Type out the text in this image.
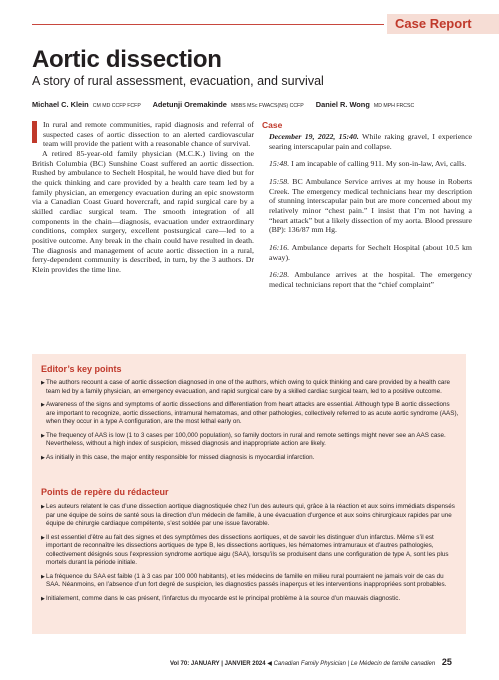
Case Report
Aortic dissection
A story of rural assessment, evacuation, and survival
Michael C. Klein CM MD CCFP FCFP Adetunji Oremakinde MBBS MSc FWACS(NS) CCFP Daniel R. Wong MD MPH FRCSC

In rural and remote communities, rapid diagnosis and referral of suspected cases of aortic dissection to an alerted cardiovascular team will provide the patient with a reasonable chance of survival.

A retired 85-year-old family physician (M.C.K.) living on the British Columbia (BC) Sunshine Coast suffered an aortic dissection. Rushed by ambulance to Sechelt Hospital, he would have died but for the quick thinking and care provided by a health care team led by a family physician, an emergency evacuation during an epic snowstorm via a Canadian Coast Guard hovercraft, and rapid surgical care by a skilled cardiac surgical team. The smooth integration of all components in the chain—diagnosis, evacuation under extraordinary conditions, complex surgery, excellent postsurgical care—led to a positive outcome. Any break in the chain could have resulted in death. The diagnosis and management of acute aortic dissection in a rural, ferry-dependent community is described, in turn, by the 3 authors. Dr Klein provides the time line.

Case
December 19, 2022, 15:40. While raking gravel, I experience searing interscapular pain and collapse.
15:48. I am incapable of calling 911. My son-in-law, Avi, calls.
15:58. BC Ambulance Service arrives at my house in Roberts Creek. The emergency medical technicians hear my description of stunning interscapular pain but are more concerned about my relatively minor “chest pain.” I insist that I’m not having a “heart attack” but a likely dissection of my aorta. Blood pressure (BP): 136/87 mm Hg.
16:16. Ambulance departs for Sechelt Hospital (about 10.5 km away).
16:28. Ambulance arrives at the hospital. The emergency medical technicians report that the “chief complaint”
Editor’s key points
▶ The authors recount a case of aortic dissection diagnosed in one of the authors, which owing to quick thinking and care provided by a health care team led by a family physician, an emergency evacuation, and rapid surgical care by a skilled cardiac surgical team, led to a positive outcome.
▶ Awareness of the signs and symptoms of aortic dissections and differentiation from heart attacks are essential. Although type B aortic dissections are important to recognize, aortic dissections, intramural hematomas, and other pathologies, collectively referred to as acute aortic syndrome (AAS), when they occur in a type A configuration, are the most lethal early on.
▶ The frequency of AAS is low (1 to 3 cases per 100,000 population), so family doctors in rural and remote settings might never see an AAS case. Nevertheless, without a high index of suspicion, missed diagnosis and inappropriate action are likely.
▶ As initially in this case, the major entity responsible for missed diagnosis is myocardial infarction.
Points de repère du rédacteur
▶ Les auteurs relatent le cas d’une dissection aortique diagnostiquée chez l’un des auteurs qui, grâce à la réaction et aux soins immédiats dispensés par une équipe de soins de santé sous la direction d’un médecin de famille, à une évacuation d’urgence et aux soins chirurgicaux rapides par une équipe de chirurgie cardiaque compétente, s’est soldée par une issue favorable.
▶ Il est essentiel d’être au fait des signes et des symptômes des dissections aortiques, et de savoir les distinguer d’un infarctus. Même s’il est important de reconnaître les dissections aortiques de type B, les dissections aortiques, les hématomes intramuraux et d’autres pathologies, collectivement désignés sous l’expression syndrome aortique aigu (SAA), lorsqu’ils se produisent dans une configuration de type A, sont les plus mortels durant la période initiale.
▶ La fréquence du SAA est faible (1 à 3 cas par 100 000 habitants), et les médecins de famille en milieu rural pourraient ne jamais voir de cas du SAA. Néanmoins, en l’absence d’un fort degré de suspicion, les diagnostics passés inaperçus et les interventions inappropriées sont probables.
▶ Initialement, comme dans le cas présent, l’infarctus du myocarde est le principal problème à la source d’un mauvais diagnostic.
Vol 70: JANUARY | JANVIER 2024 ◀ Canadian Family Physician | Le Médecin de famille canadien 25
